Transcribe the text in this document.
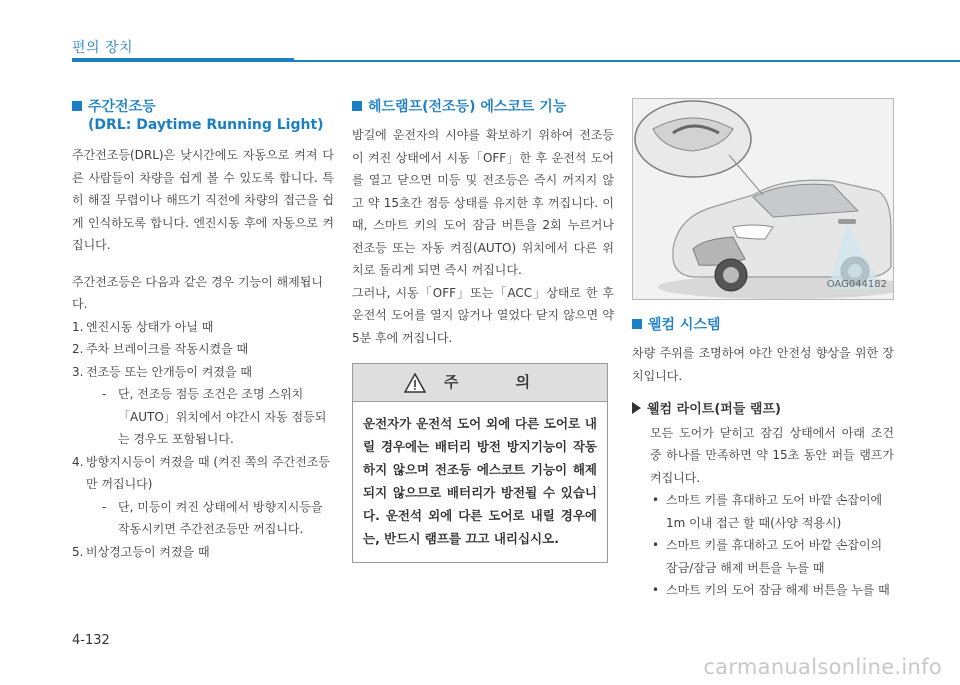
편의 장치
주간전조등
(DRL: Daytime Running Light)
주간전조등(DRL)은 낮시간에도 자동으로 켜져 다른 사람들이 차량을 쉽게 볼 수 있도록 합니다. 특히 해질 무렵이나 해뜨기 직전에 차량의 접근을 쉽게 인식하도록 합니다. 엔진시동 후에 자동으로 켜집니다.
주간전조등은 다음과 같은 경우 기능이 해제됩니다.
1. 엔진시동 상태가 아닐 때
2. 주차 브레이크를 작동시켰을 때
3. 전조등 또는 안개등이 켜졌을 때
- 단, 전조등 점등 조건은 조명 스위치「AUTO」위치에서 야간시 자동 점등되는 경우도 포함됩니다.
4. 방향지시등이 켜졌을 때 (켜진 쪽의 주간전조등만 꺼집니다)
- 단, 미등이 켜진 상태에서 방향지시등을 작동시키면 주간전조등만 꺼집니다.
5. 비상경고등이 켜졌을 때
헤드램프(전조등) 에스코트 기능
밤길에 운전자의 시야를 확보하기 위하여 전조등이 켜진 상태에서 시동「OFF」한 후 운전석 도어를 열고 닫으면 미등 및 전조등은 즉시 꺼지지 않고 약 15초간 점등 상태를 유지한 후 꺼집니다. 이때, 스마트 키의 도어 잠금 버튼을 2회 누르거나 전조등 또는 자동 켜짐(AUTO) 위치에서 다른 위치로 돌리게 되면 즉시 꺼집니다.
그러나, 시동「OFF」또는「ACC」상태로 한 후 운전석 도어를 열지 않거나 열었다 닫지 않으면 약 5분 후에 꺼집니다.
주 의
운전자가 운전석 도어 외에 다른 도어로 내릴 경우에는 배터리 방전 방지기능이 작동하지 않으며 전조등 에스코트 기능이 해제되지 않으므로 배터리가 방전될 수 있습니다. 운전석 외에 다른 도어로 내릴 경우에는, 반드시 램프를 끄고 내리십시오.
OAG044182
웰컴 시스템
차량 주위를 조명하여 야간 안전성 향상을 위한 장치입니다.
웰컴 라이트(퍼들 램프)
모든 도어가 닫히고 잠김 상태에서 아래 조건 중 하나를 만족하면 약 15초 동안 퍼들 램프가 켜집니다.
• 스마트 키를 휴대하고 도어 바깥 손잡이에 1m 이내 접근 할 때(사양 적용시)
• 스마트 키를 휴대하고 도어 바깥 손잡이의 잠금/잠금 해제 버튼을 누를 때
• 스마트 키의 도어 잠금 해제 버튼을 누를 때
4-132
carmanualsonline.info
